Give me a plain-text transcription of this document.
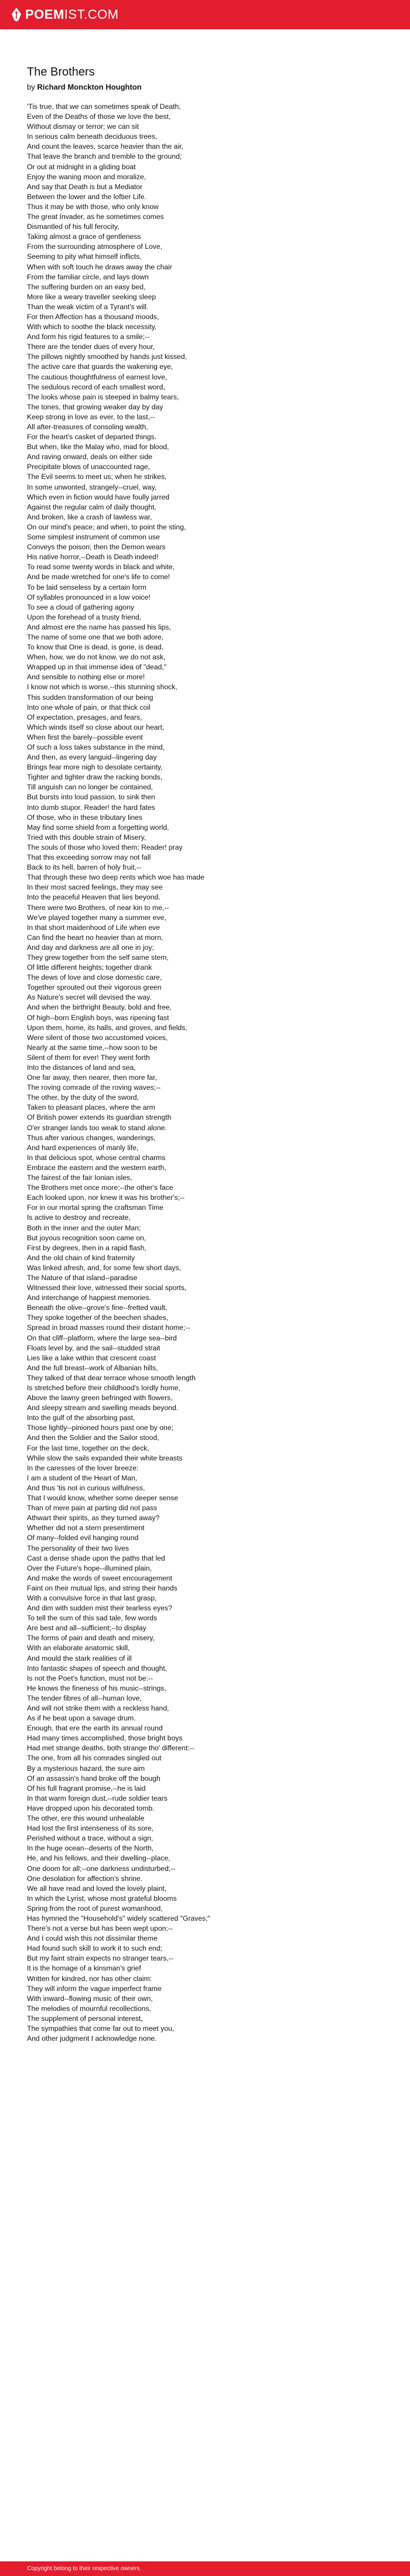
POEMIST.COM
The Brothers
by Richard Monckton Houghton
'Tis true, that we can sometimes speak of Death,
Even of the Deaths of those we love the best,
Without dismay or terror; we can sit
In serious calm beneath deciduous trees,
And count the leaves, scarce heavier than the air,
That leave the branch and tremble to the ground;
Or out at midnight in a gliding boat
Enjoy the waning moon and moralize,
And say that Death is but a Mediator
Between the lower and the loftier Life.
Thus it may be with those, who only know
The great Invader, as he sometimes comes
Dismantled of his full ferocity,
Taking almost a grace of gentleness
From the surrounding atmosphere of Love,
Seeming to pity what himself inflicts,
When with soft touch he draws away the chair
From the familiar circle, and lays down
The suffering burden on an easy bed,
More like a weary traveller seeking sleep
Than the weak victim of a Tyrant's will.
For then Affection has a thousand moods,
With which to soothe the black necessity,
And form his rigid features to a smile;--
There are the tender dues of every hour,
The pillows nightly smoothed by hands just kissed,
The active care that guards the wakening eye,
The cautious thoughtfulness of earnest love,
The sedulous record of each smallest word,
The looks whose pain is steeped in balmy tears,
The tones, that growing weaker day by day
Keep strong in love as ever, to the last,--
All after-treasures of consoling wealth,
For the heart's casket of departed things.
But when, like the Malay who, mad for blood,
And raving onward, deals on either side
Precipitate blows of unaccounted rage,
The Evil seems to meet us; when he strikes,
In some unwonted, strangely--cruel, way,
Which even in fiction would have foully jarred
Against the regular calm of daily thought,
And broken, like a crash of lawless war,
On our mind's peace; and when, to point the sting,
Some simplest instrument of common use
Conveys the poison; then the Demon wears
His native horror,--Death is Death indeed!
To read some twenty words in black and white,
And be made wretched for one's life to come!
To be laid senseless by a certain form
Of syllables pronounced in a low voice!
To see a cloud of gathering agony
Upon the forehead of a trusty friend,
And almost ere the name has passed his lips,
The name of some one that we both adore,
To know that One is dead, is gone, is dead,
When, how, we do not know, we do not ask,
Wrapped up in that immense idea of "dead,"
And sensible to nothing else or more!
I know not which is worse,--this stunning shock,
This sudden transformation of our being
Into one whole of pain, or that thick coil
Of expectation, presages, and fears,
Which winds itself so close about our heart,
When first the barely--possible event
Of such a loss takes substance in the mind,
And then, as every languid--lingering day
Brings fear more nigh to desolate certainty,
Tighter and tighter draw the racking bonds,
Till anguish can no longer be contained,
But bursts into loud passion, to sink then
Into dumb stupor. Reader! the hard fates
Of those, who in these tributary lines
May find some shield from a forgetting world,
Tried with this double strain of Misery,
The souls of those who loved them; Reader! pray
That this exceeding sorrow may not fall
Back to its hell, barren of holy fruit,--
That through these two deep rents which woe has made
In their most sacred feelings, they may see
Into the peaceful Heaven that lies beyond.
There were two Brothers, of near kin to me,--
We've played together many a summer eve,
In that short maidenhood of Life when eve
Can find the heart no heavier than at morn,
And day and darkness are all one in joy;
They grew together from the self same stem,
Of little different heights; together drank
The dews of love and close domestic care,
Together sprouted out their vigorous green
As Nature's secret will devised the way.
And when the birthright Beauty, bold and free,
Of high--born English boys, was ripening fast
Upon them, home, its halls, and groves, and fields,
Were silent of those two accustomed voices,
Nearly at the same time,--how soon to be
Silent of them for ever! They went forth
Into the distances of land and sea,
One far away, then nearer, then more far,
The roving comrade of the roving waves;--
The other, by the duty of the sword,
Taken to pleasant places, where the arm
Of British power extends its guardian strength
O'er stranger lands too weak to stand alone.
Thus after various changes, wanderings,
And hard experiences of manly life,
In that delicious spot, whose central charms
Embrace the eastern and the western earth,
The fairest of the fair Ionian isles,
The Brothers met once more;--the other's face
Each looked upon, nor knew it was his brother's;--
For in our mortal spring the craftsman Time
Is active to destroy and recreate,
Both in the inner and the outer Man;
But joyous recognition soon came on,
First by degrees, then in a rapid flash,
And the old chain of kind fraternity
Was linked afresh, and, for some few short days,
The Nature of that island--paradise
Witnessed their love, witnessed their social sports,
And interchange of happiest memories.
Beneath the olive--grove's fine--fretted vault,
They spoke together of the beechen shades,
Spread in broad masses round their distant home;--
On that cliff--platform, where the large sea--bird
Floats level by, and the sail--studded strait
Lies like a lake within that crescent coast
And the full breast--work of Albanian hills,
They talked of that dear terrace whose smooth length
Is stretched before their childhood's lordly home,
Above the lawny green befringed with flowers,
And sleepy stream and swelling meads beyond.
Into the gulf of the absorbing past,
Those lightly--pinioned hours past one by one;
And then the Soldier and the Sailor stood,
For the last time, together on the deck,
While slow the sails expanded their white breasts
In the caresses of the lover breeze:
I am a student of the Heart of Man,
And thus 'tis not in curious wilfulness,
That I would know, whether some deeper sense
Than of mere pain at parting did not pass
Athwart their spirits, as they turned away?
Whether did not a stern presentiment
Of many--folded evil hanging round
The personality of their two lives
Cast a dense shade upon the paths that led
Over the Future's hope--illumined plain,
And make the words of sweet encouragement
Faint on their mutual lips, and string their hands
With a convulsive force in that last grasp,
And dim with sudden mist their tearless eyes?
To tell the sum of this sad tale, few words
Are best and all--sufficient;--to display
The forms of pain and death and misery,
With an elaborate anatomic skill,
And mould the stark realities of ill
Into fantastic shapes of speech and thought,
Is not the Poet's function, must not be:--
He knows the fineness of his music--strings,
The tender fibres of all--human love,
And will not strike them with a reckless hand,
As if he beat upon a savage drum.
Enough, that ere the earth its annual round
Had many times accomplished, those bright boys
Had met strange deaths, both strange tho' different:--
The one, from all his comrades singled out
By a mysterious hazard, the sure aim
Of an assassin's hand broke off the bough
Of his full fragrant promise,--he is laid
In that warm foreign dust,--rude soldier tears
Have dropped upon his decorated tomb.
The other, ere this wound unhealable
Had lost the first intenseness of its sore,
Perished without a trace, without a sign,
In the huge ocean--deserts of the North,
He, and his fellows, and their dwelling--place,
One doom for all;--one darkness undisturbed;--
One desolation for affection's shrine.
We all have read and loved the lovely plaint,
In which the Lyrist, whose most grateful blooms
Spring from the root of purest womanhood,
Has hymned the "Household's" widely scattered "Graves;"
There's not a verse but has been wept upon;--
And I could wish this not dissimilar theme
Had found such skill to work it to such end;
But my faint strain expects no stranger tears,--
It is the homage of a kinsman's grief
Written for kindred, nor has other claim:
They will inform the vague imperfect frame
With inward--flowing music of their own,
The melodies of mournful recollections,
The supplement of personal interest,
The sympathies that come far out to meet you,
And other judgment I acknowledge none.
Copyright belong to their respective owners.
